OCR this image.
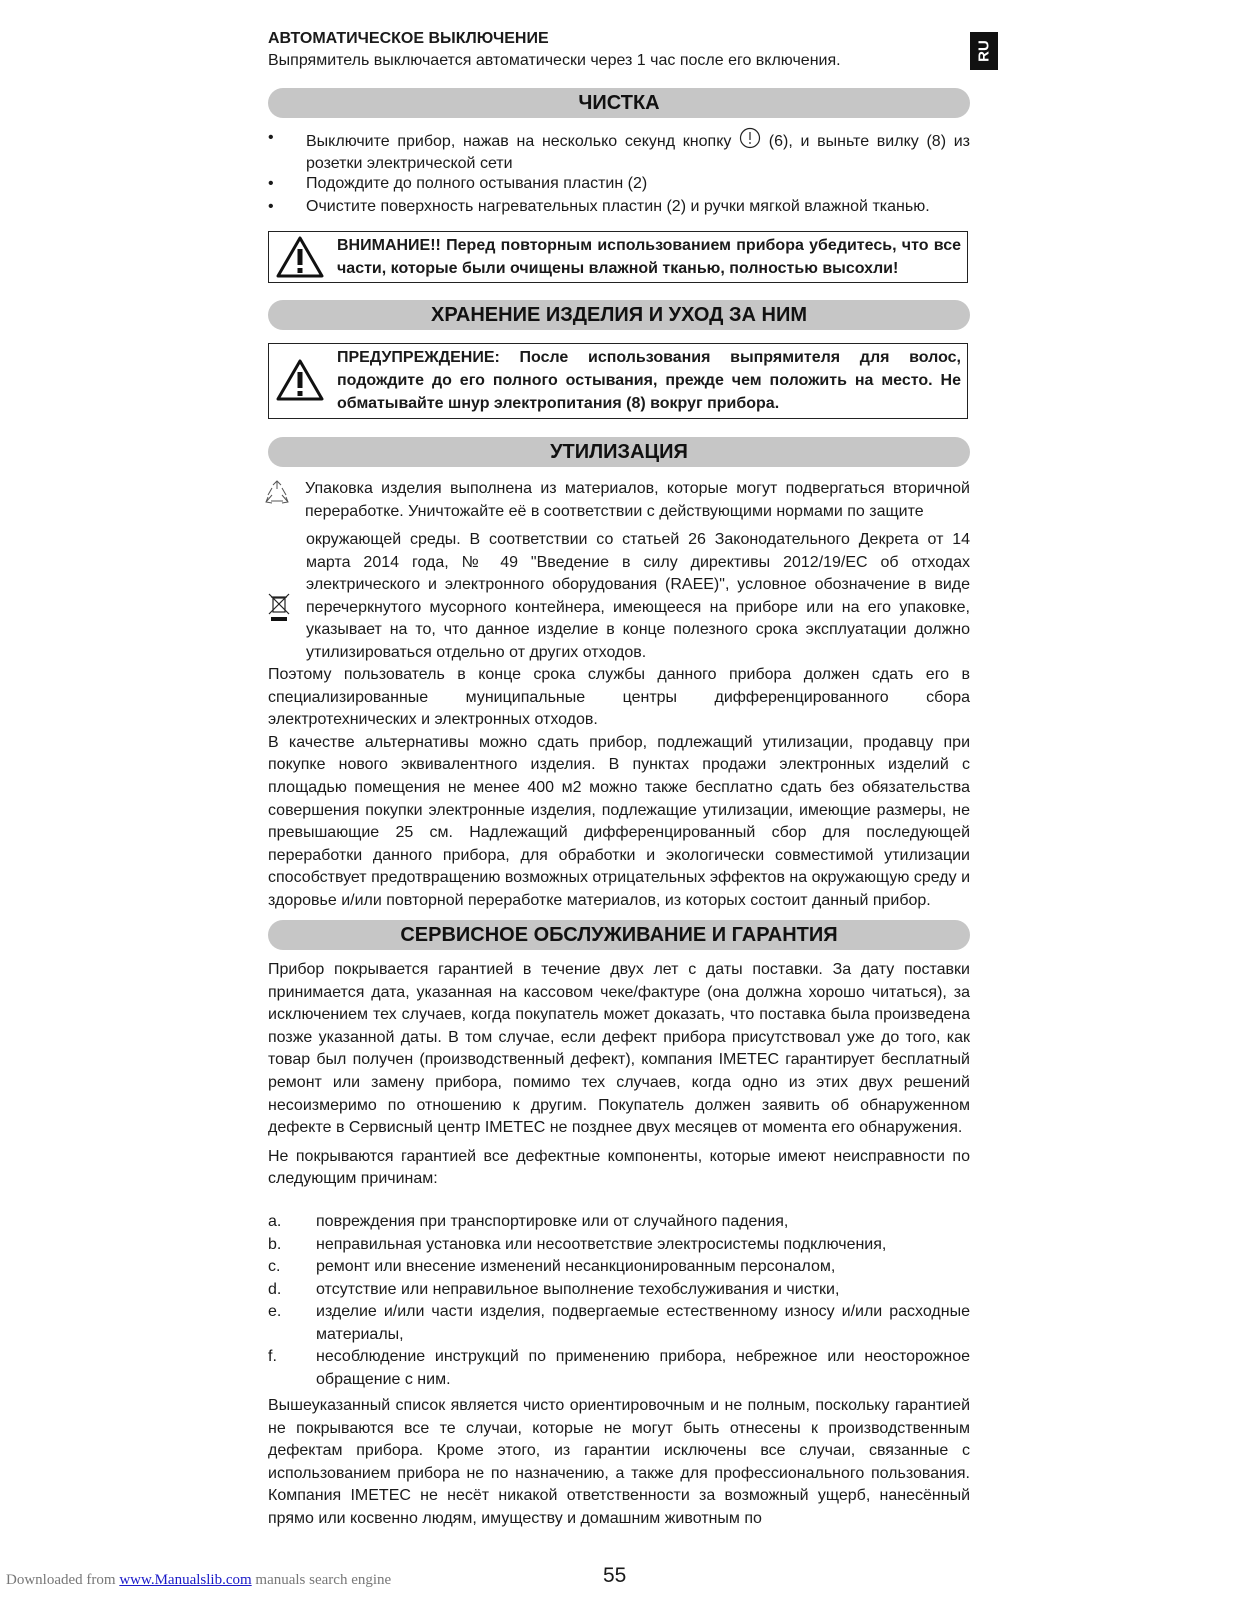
RU

АВТОМАТИЧЕСКОЕ ВЫКЛЮЧЕНИЕ

Выпрямитель выключается автоматически через 1 час после его включения.

ЧИСТКА
• Выключите прибор, нажав на несколько секунд кнопку (6), и выньте вилку (8) из розетки электрической сети
• Подождите до полного остывания пластин (2)
• Очистите поверхность нагревательных пластин (2) и ручки мягкой влажной тканью.
ВНИМАНИЕ!! Перед повторным использованием прибора убедитесь, что все части, которые были очищены влажной тканью, полностью высохли!
ХРАНЕНИЕ ИЗДЕЛИЯ И УХОД ЗА НИМ
ПРЕДУПРЕЖДЕНИЕ: После использования выпрямителя для волос, подождите до его полного остывания, прежде чем положить на место. Не обматывайте шнур электропитания (8) вокруг прибора.
УТИЛИЗАЦИЯ

Упаковка изделия выполнена из материалов, которые могут подвергаться вторичной переработке. Уничтожайте её в соответствии с действующими нормами по защите

окружающей среды. В соответствии со статьей 26 Законодательного Декрета от 14 марта 2014 года, № 49 "Введение в силу директивы 2012/19/ЕС об отходах электрического и электронного оборудования (RAEE)", условное обозначение в виде перечеркнутого мусорного контейнера, имеющееся на приборе или на его упаковке, указывает на то, что данное изделие в конце полезного срока эксплуатации должно утилизироваться отдельно от других отходов.

Поэтому пользователь в конце срока службы данного прибора должен сдать его в специализированные муниципальные центры дифференцированного сбора электротехнических и электронных отходов.

В качестве альтернативы можно сдать прибор, подлежащий утилизации, продавцу при покупке нового эквивалентного изделия. В пунктах продажи электронных изделий с площадью помещения не менее 400 м2 можно также бесплатно сдать без обязательства совершения покупки электронные изделия, подлежащие утилизации, имеющие размеры, не превышающие 25 см. Надлежащий дифференцированный сбор для последующей переработки данного прибора, для обработки и экологически совместимой утилизации способствует предотвращению возможных отрицательных эффектов на окружающую среду и здоровье и/или повторной переработке материалов, из которых состоит данный прибор.

СЕРВИСНОЕ ОБСЛУЖИВАНИЕ И ГАРАНТИЯ

Прибор покрывается гарантией в течение двух лет с даты поставки. За дату поставки принимается дата, указанная на кассовом чеке/фактуре (она должна хорошо читаться), за исключением тех случаев, когда покупатель может доказать, что поставка была произведена позже указанной даты. В том случае, если дефект прибора присутствовал уже до того, как товар был получен (производственный дефект), компания IMETEC гарантирует бесплатный ремонт или замену прибора, помимо тех случаев, когда одно из этих двух решений несоизмеримо по отношению к другим. Покупатель должен заявить об обнаруженном дефекте в Сервисный центр IMETEC не позднее двух месяцев от момента его обнаружения.

Не покрываются гарантией все дефектные компоненты, которые имеют неисправности по следующим причинам:

a. повреждения при транспортировке или от случайного падения,
b. неправильная установка или несоответствие электросистемы подключения,
c. ремонт или внесение изменений несанкционированным персоналом,
d. отсутствие или неправильное выполнение техобслуживания и чистки,
e. изделие и/или части изделия, подвергаемые естественному износу и/или расходные материалы,
f. несоблюдение инструкций по применению прибора, небрежное или неосторожное обращение с ним.

Вышеуказанный список является чисто ориентировочным и не полным, поскольку гарантией не покрываются все те случаи, которые не могут быть отнесены к производственным дефектам прибора. Кроме этого, из гарантии исключены все случаи, связанные с использованием прибора не по назначению, а также для профессионального пользования. Компания IMETEC не несёт никакой ответственности за возможный ущерб, нанесённый прямо или косвенно людям, имуществу и домашним животным по

Downloaded from www.Manualslib.com manuals search engine	55
